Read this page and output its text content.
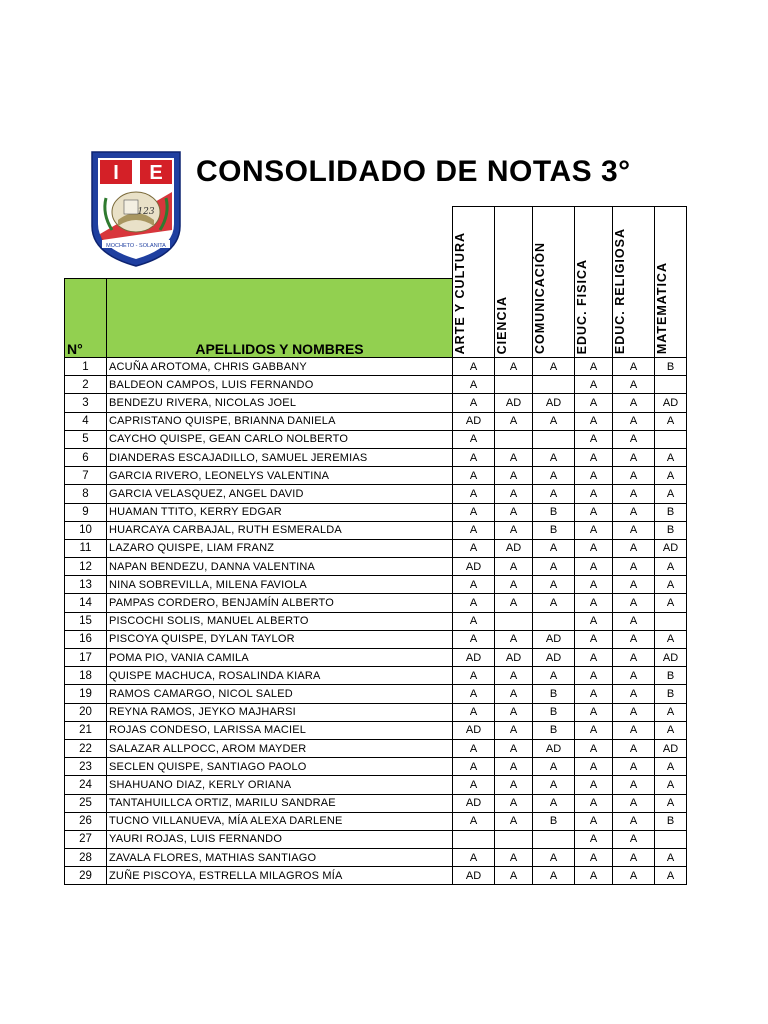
I E
123
MOCHETO - SOLANITA
CONSOLIDADO DE NOTAS 3°
		ARTE Y CULTURA	CIENCIA	COMUNICACIÓN	EDUC. FISICA	EDUC. RELIGIOSA	MATEMATICA
N°	APELLIDOS Y NOMBRES						
1	ACUÑA AROTOMA, CHRIS GABBANY	A	A	A	A	A	B
2	BALDEON CAMPOS, LUIS FERNANDO	A			A	A	
3	BENDEZU RIVERA, NICOLAS JOEL	A	AD	AD	A	A	AD
4	CAPRISTANO QUISPE, BRIANNA DANIELA	AD	A	A	A	A	A
5	CAYCHO QUISPE, GEAN CARLO NOLBERTO	A			A	A	
6	DIANDERAS ESCAJADILLO, SAMUEL JEREMIAS	A	A	A	A	A	A
7	GARCIA RIVERO, LEONELYS VALENTINA	A	A	A	A	A	A
8	GARCIA VELASQUEZ, ANGEL DAVID	A	A	A	A	A	A
9	HUAMAN TTITO, KERRY EDGAR	A	A	B	A	A	B
10	HUARCAYA CARBAJAL, RUTH ESMERALDA	A	A	B	A	A	B
11	LAZARO QUISPE, LIAM FRANZ	A	AD	A	A	A	AD
12	NAPAN BENDEZU, DANNA VALENTINA	AD	A	A	A	A	A
13	NINA SOBREVILLA, MILENA FAVIOLA	A	A	A	A	A	A
14	PAMPAS CORDERO, BENJAMÍN ALBERTO	A	A	A	A	A	A
15	PISCOCHI SOLIS, MANUEL ALBERTO	A			A	A	
16	PISCOYA QUISPE, DYLAN TAYLOR	A	A	AD	A	A	A
17	POMA PIO, VANIA CAMILA	AD	AD	AD	A	A	AD
18	QUISPE MACHUCA, ROSALINDA KIARA	A	A	A	A	A	B
19	RAMOS CAMARGO, NICOL SALED	A	A	B	A	A	B
20	REYNA RAMOS, JEYKO MAJHARSI	A	A	B	A	A	A
21	ROJAS CONDESO, LARISSA MACIEL	AD	A	B	A	A	A
22	SALAZAR ALLPOCC, AROM MAYDER	A	A	AD	A	A	AD
23	SECLEN QUISPE, SANTIAGO PAOLO	A	A	A	A	A	A
24	SHAHUANO DIAZ, KERLY ORIANA	A	A	A	A	A	A
25	TANTAHUILLCA ORTIZ, MARILU SANDRAE	AD	A	A	A	A	A
26	TUCNO VILLANUEVA, MÍA ALEXA DARLENE	A	A	B	A	A	B
27	YAURI ROJAS, LUIS FERNANDO				A	A	
28	ZAVALA FLORES, MATHIAS SANTIAGO	A	A	A	A	A	A
29	ZUÑE PISCOYA, ESTRELLA MILAGROS MÍA	AD	A	A	A	A	A
